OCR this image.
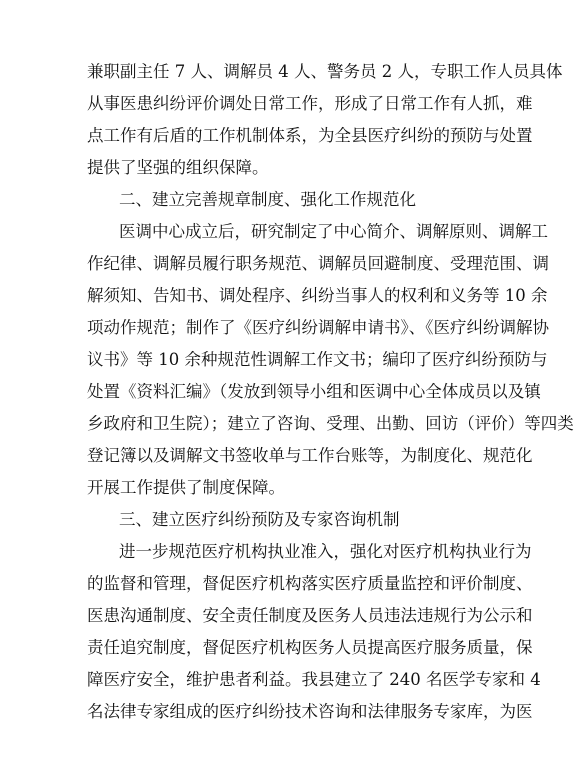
兼职副主任 7 人、调解员 4 人、警务员 2 人，专职工作人员具体
从事医患纠纷评价调处日常工作，形成了日常工作有人抓，难
点工作有后盾的工作机制体系，为全县医疗纠纷的预防与处置
提供了坚强的组织保障。
二、建立完善规章制度、强化工作规范化
医调中心成立后，研究制定了中心简介、调解原则、调解工
作纪律、调解员履行职务规范、调解员回避制度、受理范围、调
解须知、告知书、调处程序、纠纷当事人的权利和义务等 10 余
项动作规范；制作了《医疗纠纷调解申请书》、《医疗纠纷调解协
议书》等 10 余种规范性调解工作文书；编印了医疗纠纷预防与
处置《资料汇编》（发放到领导小组和医调中心全体成员以及镇
乡政府和卫生院）；建立了咨询、受理、出勤、回访（评价）等四类
登记簿以及调解文书签收单与工作台账等，为制度化、规范化
开展工作提供了制度保障。
三、建立医疗纠纷预防及专家咨询机制
进一步规范医疗机构执业准入，强化对医疗机构执业行为
的监督和管理，督促医疗机构落实医疗质量监控和评价制度、
医患沟通制度、安全责任制度及医务人员违法违规行为公示和
责任追究制度，督促医疗机构医务人员提高医疗服务质量，保
障医疗安全，维护患者利益。我县建立了 240 名医学专家和 4
名法律专家组成的医疗纠纷技术咨询和法律服务专家库，为医
